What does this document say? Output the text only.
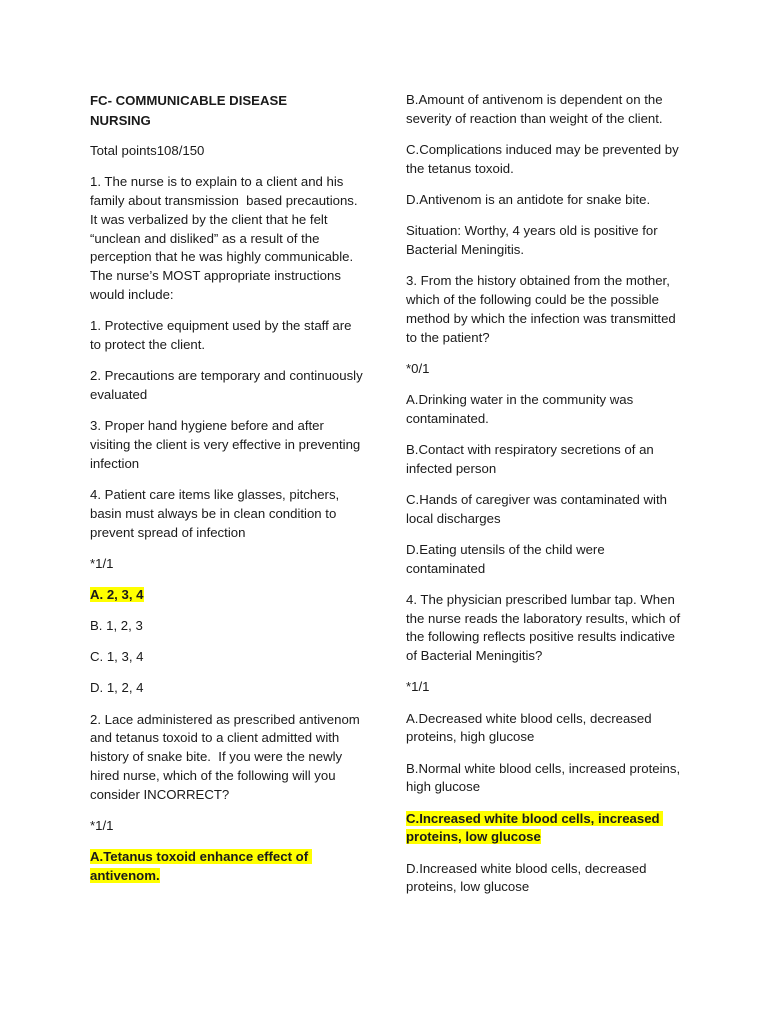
FC- COMMUNICABLE DISEASE
NURSING
Total points108/150
1. The nurse is to explain to a client and his family about transmission  based precautions. It was verbalized by the client that he felt “unclean and disliked” as a result of the perception that he was highly communicable. The nurse’s MOST appropriate instructions would include:
1. Protective equipment used by the staff are to protect the client.
2. Precautions are temporary and continuously evaluated
3. Proper hand hygiene before and after visiting the client is very effective in preventing infection
4. Patient care items like glasses, pitchers, basin must always be in clean condition to prevent spread of infection
*1/1
A. 2, 3, 4
B. 1, 2, 3
C. 1, 3, 4
D. 1, 2, 4
2. Lace administered as prescribed antivenom and tetanus toxoid to a client admitted with history of snake bite.  If you were the newly hired nurse, which of the following will you consider INCORRECT?
*1/1
A.Tetanus toxoid enhance effect of antivenom.
B.Amount of antivenom is dependent on the severity of reaction than weight of the client.
C.Complications induced may be prevented by the tetanus toxoid.
D.Antivenom is an antidote for snake bite.
Situation: Worthy, 4 years old is positive for Bacterial Meningitis.
3. From the history obtained from the mother, which of the following could be the possible method by which the infection was transmitted to the patient?
*0/1
A.Drinking water in the community was contaminated.
B.Contact with respiratory secretions of an infected person
C.Hands of caregiver was contaminated with local discharges
D.Eating utensils of the child were contaminated
4. The physician prescribed lumbar tap. When the nurse reads the laboratory results, which of the following reflects positive results indicative of Bacterial Meningitis?
*1/1
A.Decreased white blood cells, decreased proteins, high glucose
B.Normal white blood cells, increased proteins, high glucose
C.Increased white blood cells, increased proteins, low glucose
D.Increased white blood cells, decreased proteins, low glucose
